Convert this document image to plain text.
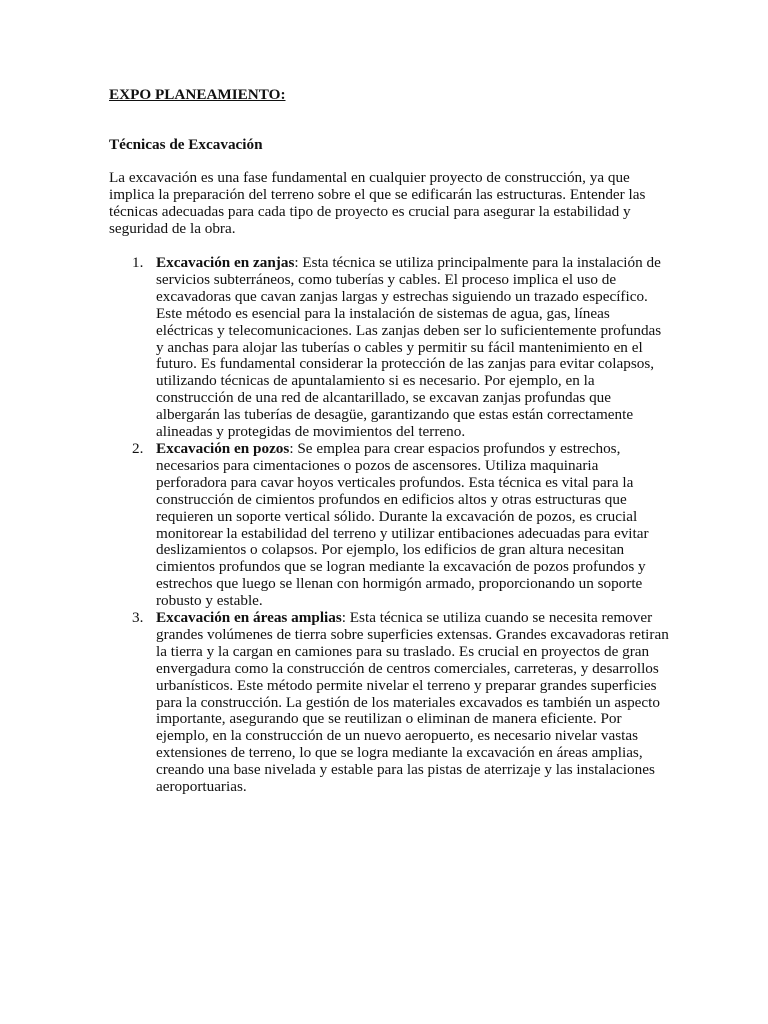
EXPO PLANEAMIENTO:
Técnicas de Excavación

La excavación es una fase fundamental en cualquier proyecto de construcción, ya que implica la preparación del terreno sobre el que se edificarán las estructuras. Entender las técnicas adecuadas para cada tipo de proyecto es crucial para asegurar la estabilidad y seguridad de la obra.

1. Excavación en zanjas: Esta técnica se utiliza principalmente para la instalación de servicios subterráneos, como tuberías y cables. El proceso implica el uso de excavadoras que cavan zanjas largas y estrechas siguiendo un trazado específico. Este método es esencial para la instalación de sistemas de agua, gas, líneas eléctricas y telecomunicaciones. Las zanjas deben ser lo suficientemente profundas y anchas para alojar las tuberías o cables y permitir su fácil mantenimiento en el futuro. Es fundamental considerar la protección de las zanjas para evitar colapsos, utilizando técnicas de apuntalamiento si es necesario. Por ejemplo, en la construcción de una red de alcantarillado, se excavan zanjas profundas que albergarán las tuberías de desagüe, garantizando que estas están correctamente alineadas y protegidas de movimientos del terreno.
2. Excavación en pozos: Se emplea para crear espacios profundos y estrechos, necesarios para cimentaciones o pozos de ascensores. Utiliza maquinaria perforadora para cavar hoyos verticales profundos. Esta técnica es vital para la construcción de cimientos profundos en edificios altos y otras estructuras que requieren un soporte vertical sólido. Durante la excavación de pozos, es crucial monitorear la estabilidad del terreno y utilizar entibaciones adecuadas para evitar deslizamientos o colapsos. Por ejemplo, los edificios de gran altura necesitan cimientos profundos que se logran mediante la excavación de pozos profundos y estrechos que luego se llenan con hormigón armado, proporcionando un soporte robusto y estable.
3. Excavación en áreas amplias: Esta técnica se utiliza cuando se necesita remover grandes volúmenes de tierra sobre superficies extensas. Grandes excavadoras retiran la tierra y la cargan en camiones para su traslado. Es crucial en proyectos de gran envergadura como la construcción de centros comerciales, carreteras, y desarrollos urbanísticos. Este método permite nivelar el terreno y preparar grandes superficies para la construcción. La gestión de los materiales excavados es también un aspecto importante, asegurando que se reutilizan o eliminan de manera eficiente. Por ejemplo, en la construcción de un nuevo aeropuerto, es necesario nivelar vastas extensiones de terreno, lo que se logra mediante la excavación en áreas amplias, creando una base nivelada y estable para las pistas de aterrizaje y las instalaciones aeroportuarias.
